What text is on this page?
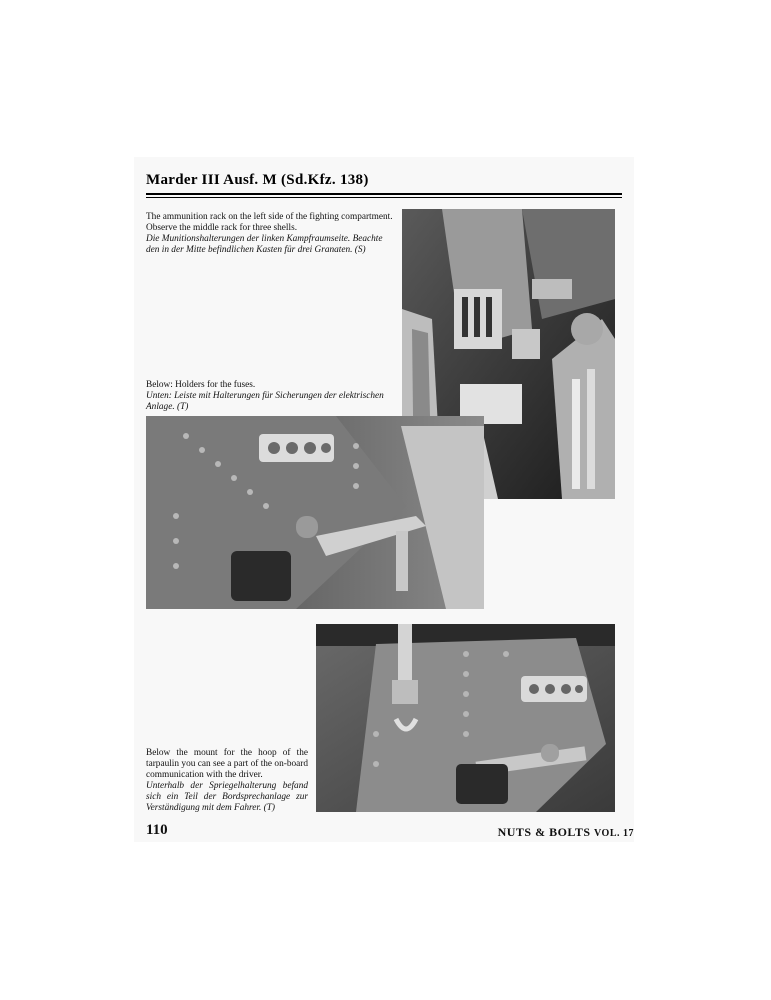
Marder III Ausf. M (Sd.Kfz. 138)
The ammunition rack on the left side of the fighting compartment. Observe the middle rack for three shells.
Die Munitionshalterungen der linken Kampfraumseite. Beachte den in der Mitte befindlichen Kasten für drei Granaten. (S)
Below: Holders for the fuses.
Unten: Leiste mit Halterungen für Sicherungen der elektrischen Anlage. (T)
Below the mount for the hoop of the tarpaulin you can see a part of the on-board communication with the driver.
Unterhalb der Spriegelhalterung befand sich ein Teil der Bordsprechanlage zur Verständigung mit dem Fahrer. (T)
110	NUTS & BOLTS VOL. 17
